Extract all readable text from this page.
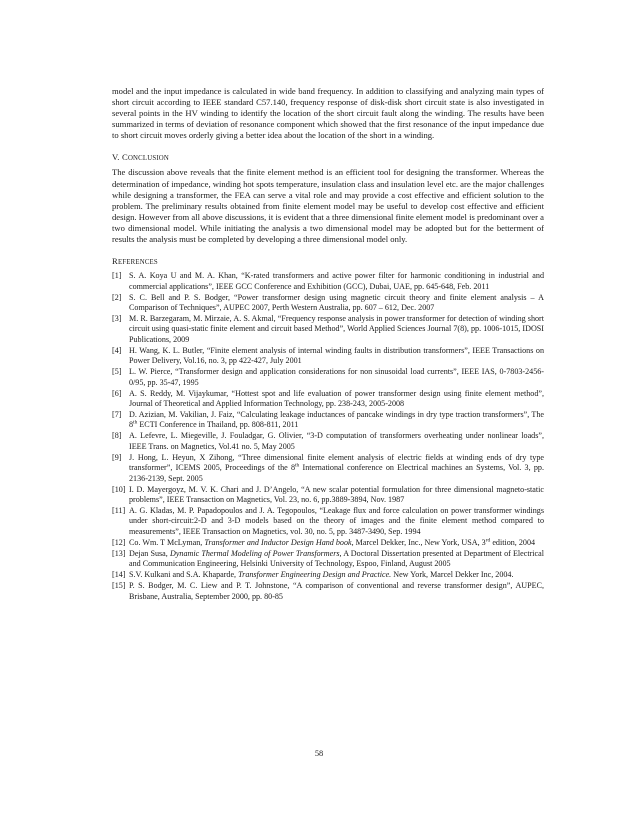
model and the input impedance is calculated in wide band frequency. In addition to classifying and analyzing main types of short circuit according to IEEE standard C57.140, frequency response of disk-disk short circuit state is also investigated in several points in the HV winding to identify the location of the short circuit fault along the winding. The results have been summarized in terms of deviation of resonance component which showed that the first resonance of the input impedance due to short circuit moves orderly giving a better idea about the location of the short in a winding.

V. CONCLUSION

The discussion above reveals that the finite element method is an efficient tool for designing the transformer. Whereas the determination of impedance, winding hot spots temperature, insulation class and insulation level etc. are the major challenges while designing a transformer, the FEA can serve a vital role and may provide a cost effective and efficient solution to the problem. The preliminary results obtained from finite element model may be useful to develop cost effective and efficient design. However from all above discussions, it is evident that a three dimensional finite element model is predominant over a two dimensional model. While initiating the analysis a two dimensional model may be adopted but for the betterment of results the analysis must be completed by developing a three dimensional model only.

REFERENCES
[1] S. A. Koya U and M. A. Khan, “K-rated transformers and active power filter for harmonic conditioning in industrial and commercial applications”, IEEE GCC Conference and Exhibition (GCC), Dubai, UAE, pp. 645-648, Feb. 2011
[2] S. C. Bell and P. S. Bodger, “Power transformer design using magnetic circuit theory and finite element analysis – A Comparison of Techniques”, AUPEC 2007, Perth Western Australia, pp. 607 – 612, Dec. 2007
[3] M. R. Barzegaram, M. Mirzaie, A. S. Akmal, “Frequency response analysis in power transformer for detection of winding short circuit using quasi-static finite element and circuit based Method”, World Applied Sciences Journal 7(8), pp. 1006-1015, IDOSI Publications, 2009
[4] H. Wang, K. L. Butler, “Finite element analysis of internal winding faults in distribution transformers”, IEEE Transactions on Power Delivery, Vol.16, no. 3, pp 422-427, July 2001
[5] L. W. Pierce, “Transformer design and application considerations for non sinusoidal load currents”, IEEE IAS, 0-7803-2456-0/95, pp. 35-47, 1995
[6] A. S. Reddy, M. Vijaykumar, “Hottest spot and life evaluation of power transformer design using finite element method”, Journal of Theoretical and Applied Information Technology, pp. 238-243, 2005-2008
[7] D. Azizian, M. Vakilian, J. Faiz, “Calculating leakage inductances of pancake windings in dry type traction transformers”, The 8th ECTI Conference in Thailand, pp. 808-811, 2011
[8] A. Lefevre, L. Miegeville, J. Fouladgar, G. Olivier, “3-D computation of transformers overheating under nonlinear loads”, IEEE Trans. on Magnetics, Vol.41 no. 5, May 2005
[9] J. Hong, L. Heyun, X Zihong, “Three dimensional finite element analysis of electric fields at winding ends of dry type transformer”, ICEMS 2005, Proceedings of the 8th International conference on Electrical machines an Systems, Vol. 3, pp. 2136-2139, Sept. 2005
[10] I. D. Mayergoyz, M. V. K. Chari and J. D’Angelo, “A new scalar potential formulation for three dimensional magneto-static problems”, IEEE Transaction on Magnetics, Vol. 23, no. 6, pp.3889-3894, Nov. 1987
[11] A. G. Kladas, M. P. Papadopoulos and J. A. Tegopoulos, “Leakage flux and force calculation on power transformer windings under short-circuit:2-D and 3-D models based on the theory of images and the finite element method compared to measurements”, IEEE Transaction on Magnetics, vol. 30, no. 5, pp. 3487-3490, Sep. 1994
[12] Co. Wm. T McLyman, Transformer and Inductor Design Hand book, Marcel Dekker, Inc., New York, USA, 3rd edition, 2004
[13] Dejan Susa, Dynamic Thermal Modeling of Power Transformers, A Doctoral Dissertation presented at Department of Electrical and Communication Engineering, Helsinki University of Technology, Espoo, Finland, August 2005
[14] S.V. Kulkani and S.A. Khaparde, Transformer Engineering Design and Practice. New York, Marcel Dekker Inc, 2004.
[15] P. S. Bodger, M. C. Liew and P. T. Johnstone, “A comparison of conventional and reverse transformer design”, AUPEC, Brisbane, Australia, September 2000, pp. 80-85
58
